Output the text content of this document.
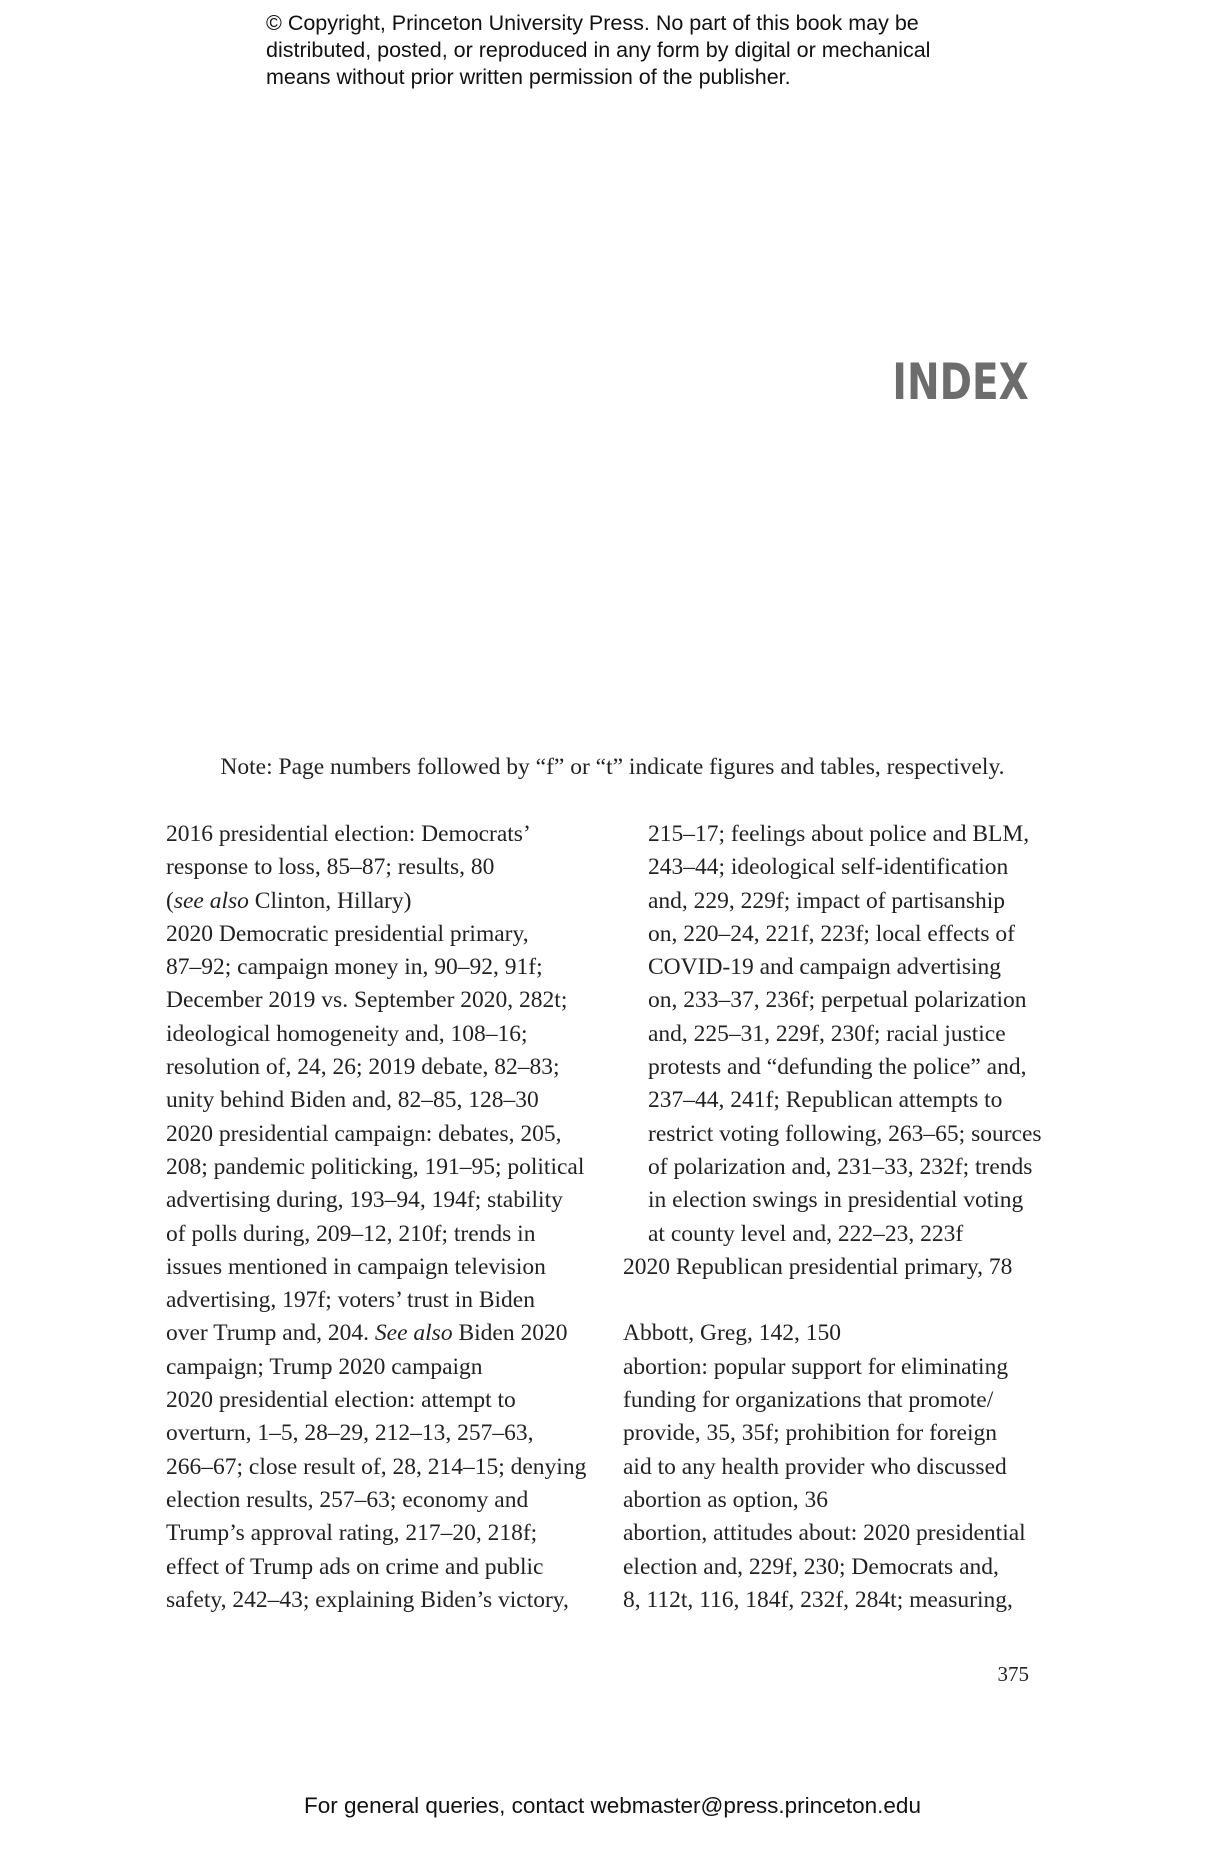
© Copyright, Princeton University Press. No part of this book may be
distributed, posted, or reproduced in any form by digital or mechanical
means without prior written permission of the publisher.
INDEX

Note: Page numbers followed by “f” or “t” indicate figures and tables, respectively.

2016 presidential election: Democrats’
response to loss, 85–87; results, 80
(see also Clinton, Hillary)
2020 Democratic presidential primary,
87–92; campaign money in, 90–92, 91f;
December 2019 vs. September 2020, 282t;
ideological homogeneity and, 108–16;
resolution of, 24, 26; 2019 debate, 82–83;
unity behind Biden and, 82–85, 128–30
2020 presidential campaign: debates, 205,
208; pandemic politicking, 191–95; political
advertising during, 193–94, 194f; stability
of polls during, 209–12, 210f; trends in
issues mentioned in campaign television
advertising, 197f; voters’ trust in Biden
over Trump and, 204. See also Biden 2020
campaign; Trump 2020 campaign
2020 presidential election: attempt to
overturn, 1–5, 28–29, 212–13, 257–63,
266–67; close result of, 28, 214–15; denying
election results, 257–63; economy and
Trump’s approval rating, 217–20, 218f;
effect of Trump ads on crime and public
safety, 242–43; explaining Biden’s victory,
215–17; feelings about police and BLM,
243–44; ideological self-identification
and, 229, 229f; impact of partisanship
on, 220–24, 221f, 223f; local effects of
COVID-19 and campaign advertising
on, 233–37, 236f; perpetual polarization
and, 225–31, 229f, 230f; racial justice
protests and “defunding the police” and,
237–44, 241f; Republican attempts to
restrict voting following, 263–65; sources
of polarization and, 231–33, 232f; trends
in election swings in presidential voting
at county level and, 222–23, 223f
2020 Republican presidential primary, 78
Abbott, Greg, 142, 150
abortion: popular support for eliminating
funding for organizations that promote/
provide, 35, 35f; prohibition for foreign
aid to any health provider who discussed
abortion as option, 36
abortion, attitudes about: 2020 presidential
election and, 229f, 230; Democrats and,
8, 112t, 116, 184f, 232f, 284t; measuring,

375

For general queries, contact webmaster@press.princeton.edu
